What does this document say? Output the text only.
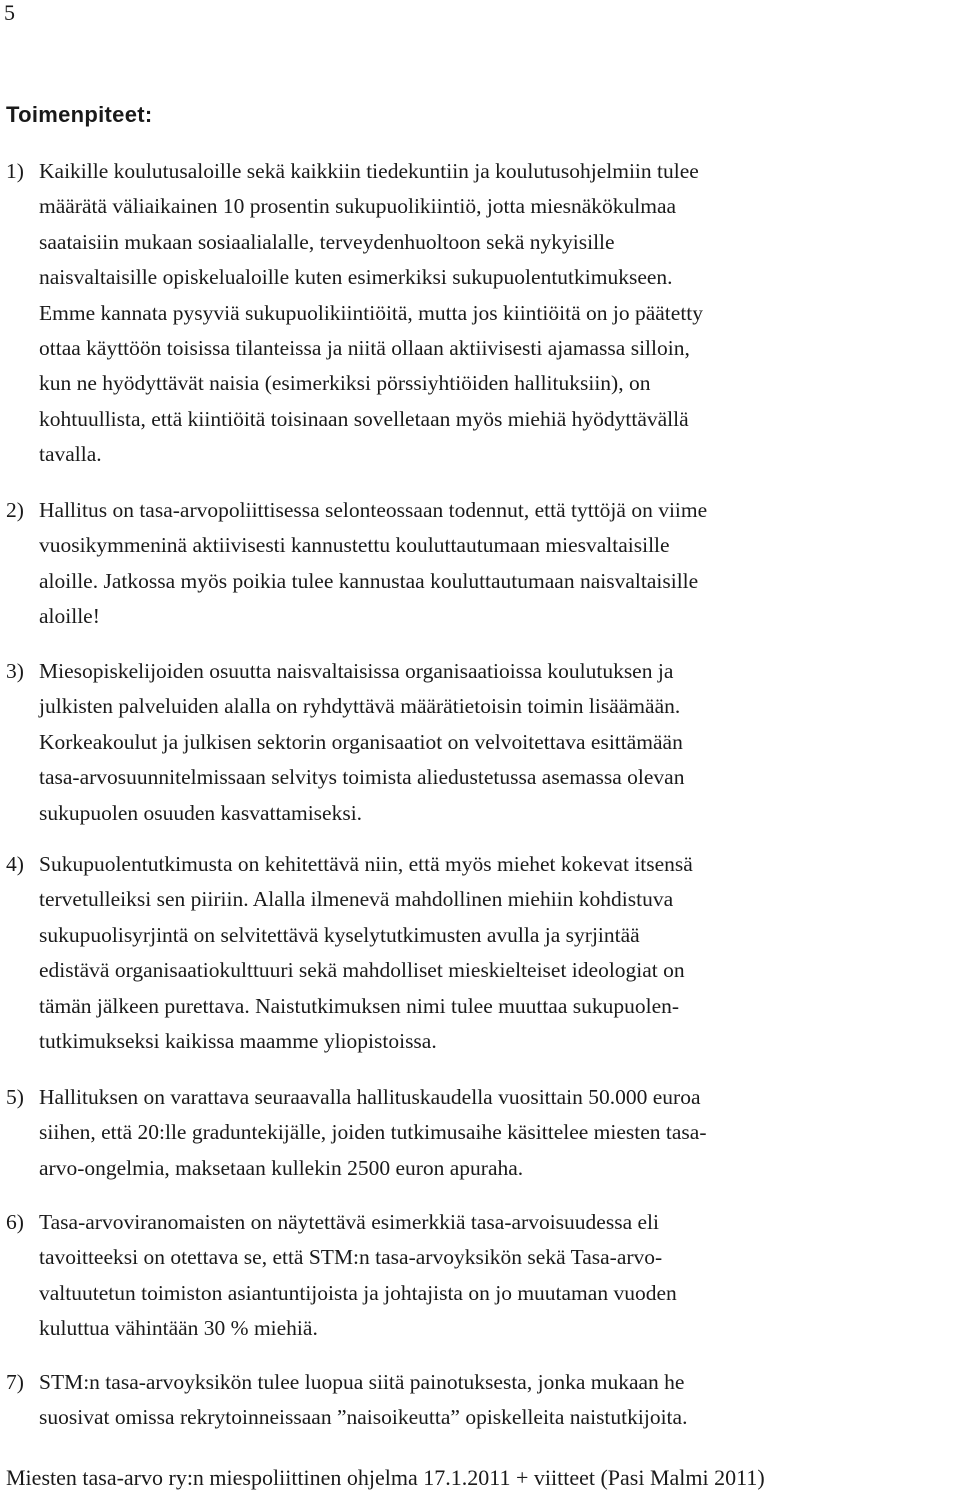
5
Toimenpiteet:
1) Kaikille koulutusaloille sekä kaikkiin tiedekuntiin ja koulutusohjelmiin tulee
määrätä väliaikainen 10 prosentin sukupuolikiintiö, jotta miesnäkökulmaa
saataisiin mukaan sosiaalialalle, terveydenhuoltoon sekä nykyisille
naisvaltaisille opiskelualoille kuten esimerkiksi sukupuolentutkimukseen.
Emme kannata pysyviä sukupuolikiintiöitä, mutta jos kiintiöitä on jo päätetty
ottaa käyttöön toisissa tilanteissa ja niitä ollaan aktiivisesti ajamassa silloin,
kun ne hyödyttävät naisia (esimerkiksi pörssiyhtiöiden hallituksiin), on
kohtuullista, että kiintiöitä toisinaan sovelletaan myös miehiä hyödyttävällä
tavalla.
2) Hallitus on tasa-arvopoliittisessa selonteossaan todennut, että tyttöjä on viime
vuosikymmeninä aktiivisesti kannustettu kouluttautumaan miesvaltaisille
aloille. Jatkossa myös poikia tulee kannustaa kouluttautumaan naisvaltaisille
aloille!
3) Miesopiskelijoiden osuutta naisvaltaisissa organisaatioissa koulutuksen ja
julkisten palveluiden alalla on ryhdyttävä määrätietoisin toimin lisäämään.
Korkeakoulut ja julkisen sektorin organisaatiot on velvoitettava esittämään
tasa-arvosuunnitelmissaan selvitys toimista aliedustetussa asemassa olevan
sukupuolen osuuden kasvattamiseksi.
4) Sukupuolentutkimusta on kehitettävä niin, että myös miehet kokevat itsensä
tervetulleiksi sen piiriin. Alalla ilmenevä mahdollinen miehiin kohdistuva
sukupuolisyrjintä on selvitettävä kyselytutkimusten avulla ja syrjintää
edistävä organisaatiokulttuuri sekä mahdolliset mieskielteiset ideologiat on
tämän jälkeen purettava. Naistutkimuksen nimi tulee muuttaa sukupuolen-
tutkimukseksi kaikissa maamme yliopistoissa.
5) Hallituksen on varattava seuraavalla hallituskaudella vuosittain 50.000 euroa
siihen, että 20:lle graduntekijälle, joiden tutkimusaihe käsittelee miesten tasa-
arvo-ongelmia, maksetaan kullekin 2500 euron apuraha.
6) Tasa-arvoviranomaisten on näytettävä esimerkkiä tasa-arvoisuudessa eli
tavoitteeksi on otettava se, että STM:n tasa-arvoyksikön sekä Tasa-arvo-
valtuutetun toimiston asiantuntijoista ja johtajista on jo muutaman vuoden
kuluttua vähintään 30 % miehiä.
7) STM:n tasa-arvoyksikön tulee luopua siitä painotuksesta, jonka mukaan he
suosivat omissa rekrytoinneissaan ”naisoikeutta” opiskelleita naistutkijoita.
Miesten tasa-arvo ry:n miespoliittinen ohjelma 17.1.2011 + viitteet (Pasi Malmi 2011)
